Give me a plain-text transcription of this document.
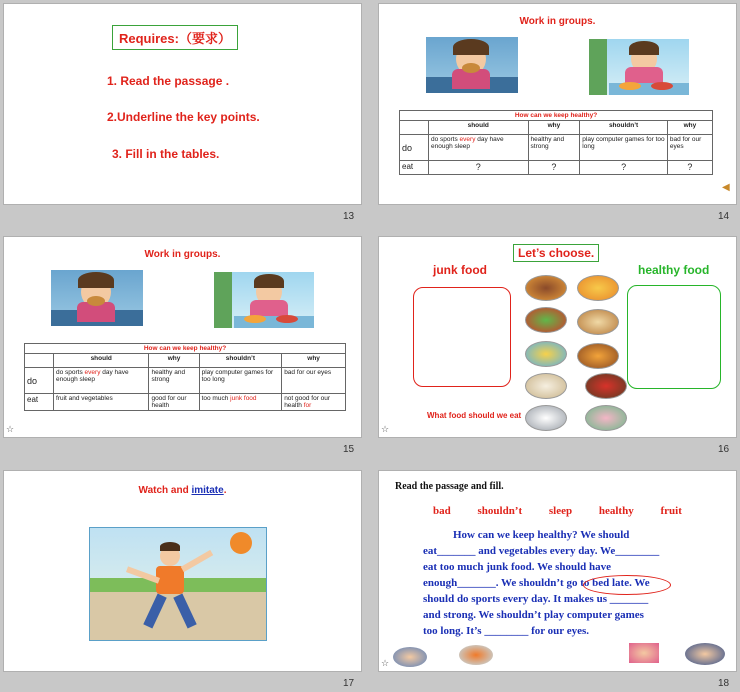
Requires:（要求）
1. Read the passage .
2.Underline the key points.
3. Fill in the tables.
13
Work in groups.
How can we keep healthy?				
	should	why	shouldn’t	why
do	do sports every day have enough sleep	healthy and strong	play computer games for too long	bad for our eyes
eat	?	?	?	?
◀
14
Work in groups.
How can we keep healthy?				
	should	why	shouldn’t	why
do	do sports every day have enough sleep	healthy and strong	play computer games for too long	bad for our eyes
eat	fruit and vegetables	good for our health	too much junk food	not good for our health for
☆
15
Let’s choose.
junk food	healthy food
What food should we eat
☆
16
Watch and imitate.
17
Read the passage and fill.
bad shouldn’t sleep healthy fruit
How can we keep healthy? We should
eat_______ and vegetables every day. We________
eat too much junk food. We should have
enough_______. We shouldn’t go to bed late. We
should do sports every day. It makes us _______
and strong. We shouldn’t play computer games
too long. It’s ________ for our eyes.
☆
18
